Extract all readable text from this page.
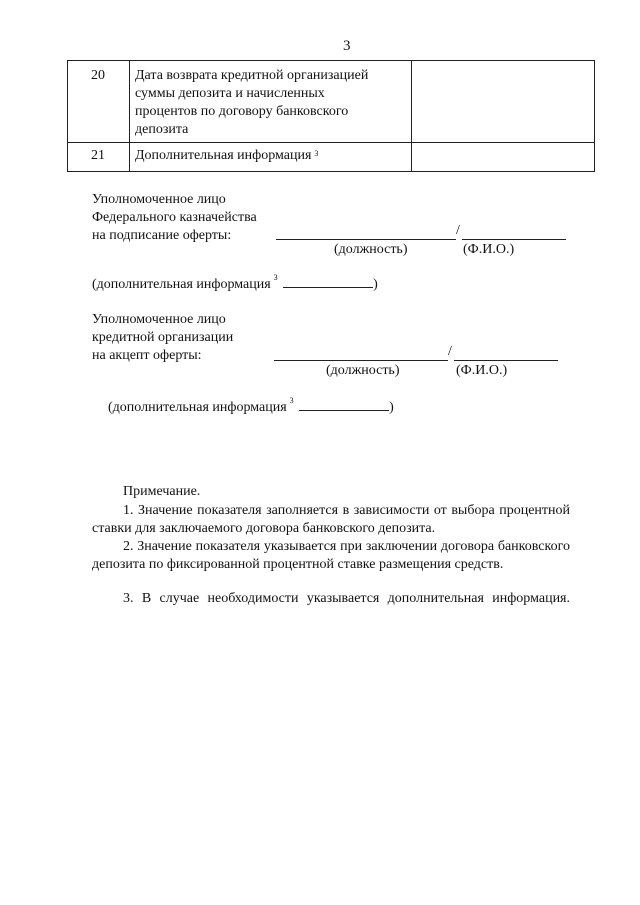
3
20	Дата возврата кредитной организацией
суммы депозита и начисленных
процентов по договору банковского
депозита
21	Дополнительная информация $^3$
Уполномоченное лицо
Федерального казначейства
на подписание оферты:	/
(должность)	(Ф.И.О.)
(дополнительная информация $^3$	)
Уполномоченное лицо
кредитной организации
на акцепт оферты:	/
(должность)	(Ф.И.О.)
(дополнительная информация $^3$	)
Примечание.
1. Значение показателя заполняется в зависимости от выбора процентной ставки для заключаемого договора банковского депозита.
2. Значение показателя указывается при заключении договора банковского депозита по фиксированной процентной ставке размещения средств.
3. В случае необходимости указывается дополнительная информация.
